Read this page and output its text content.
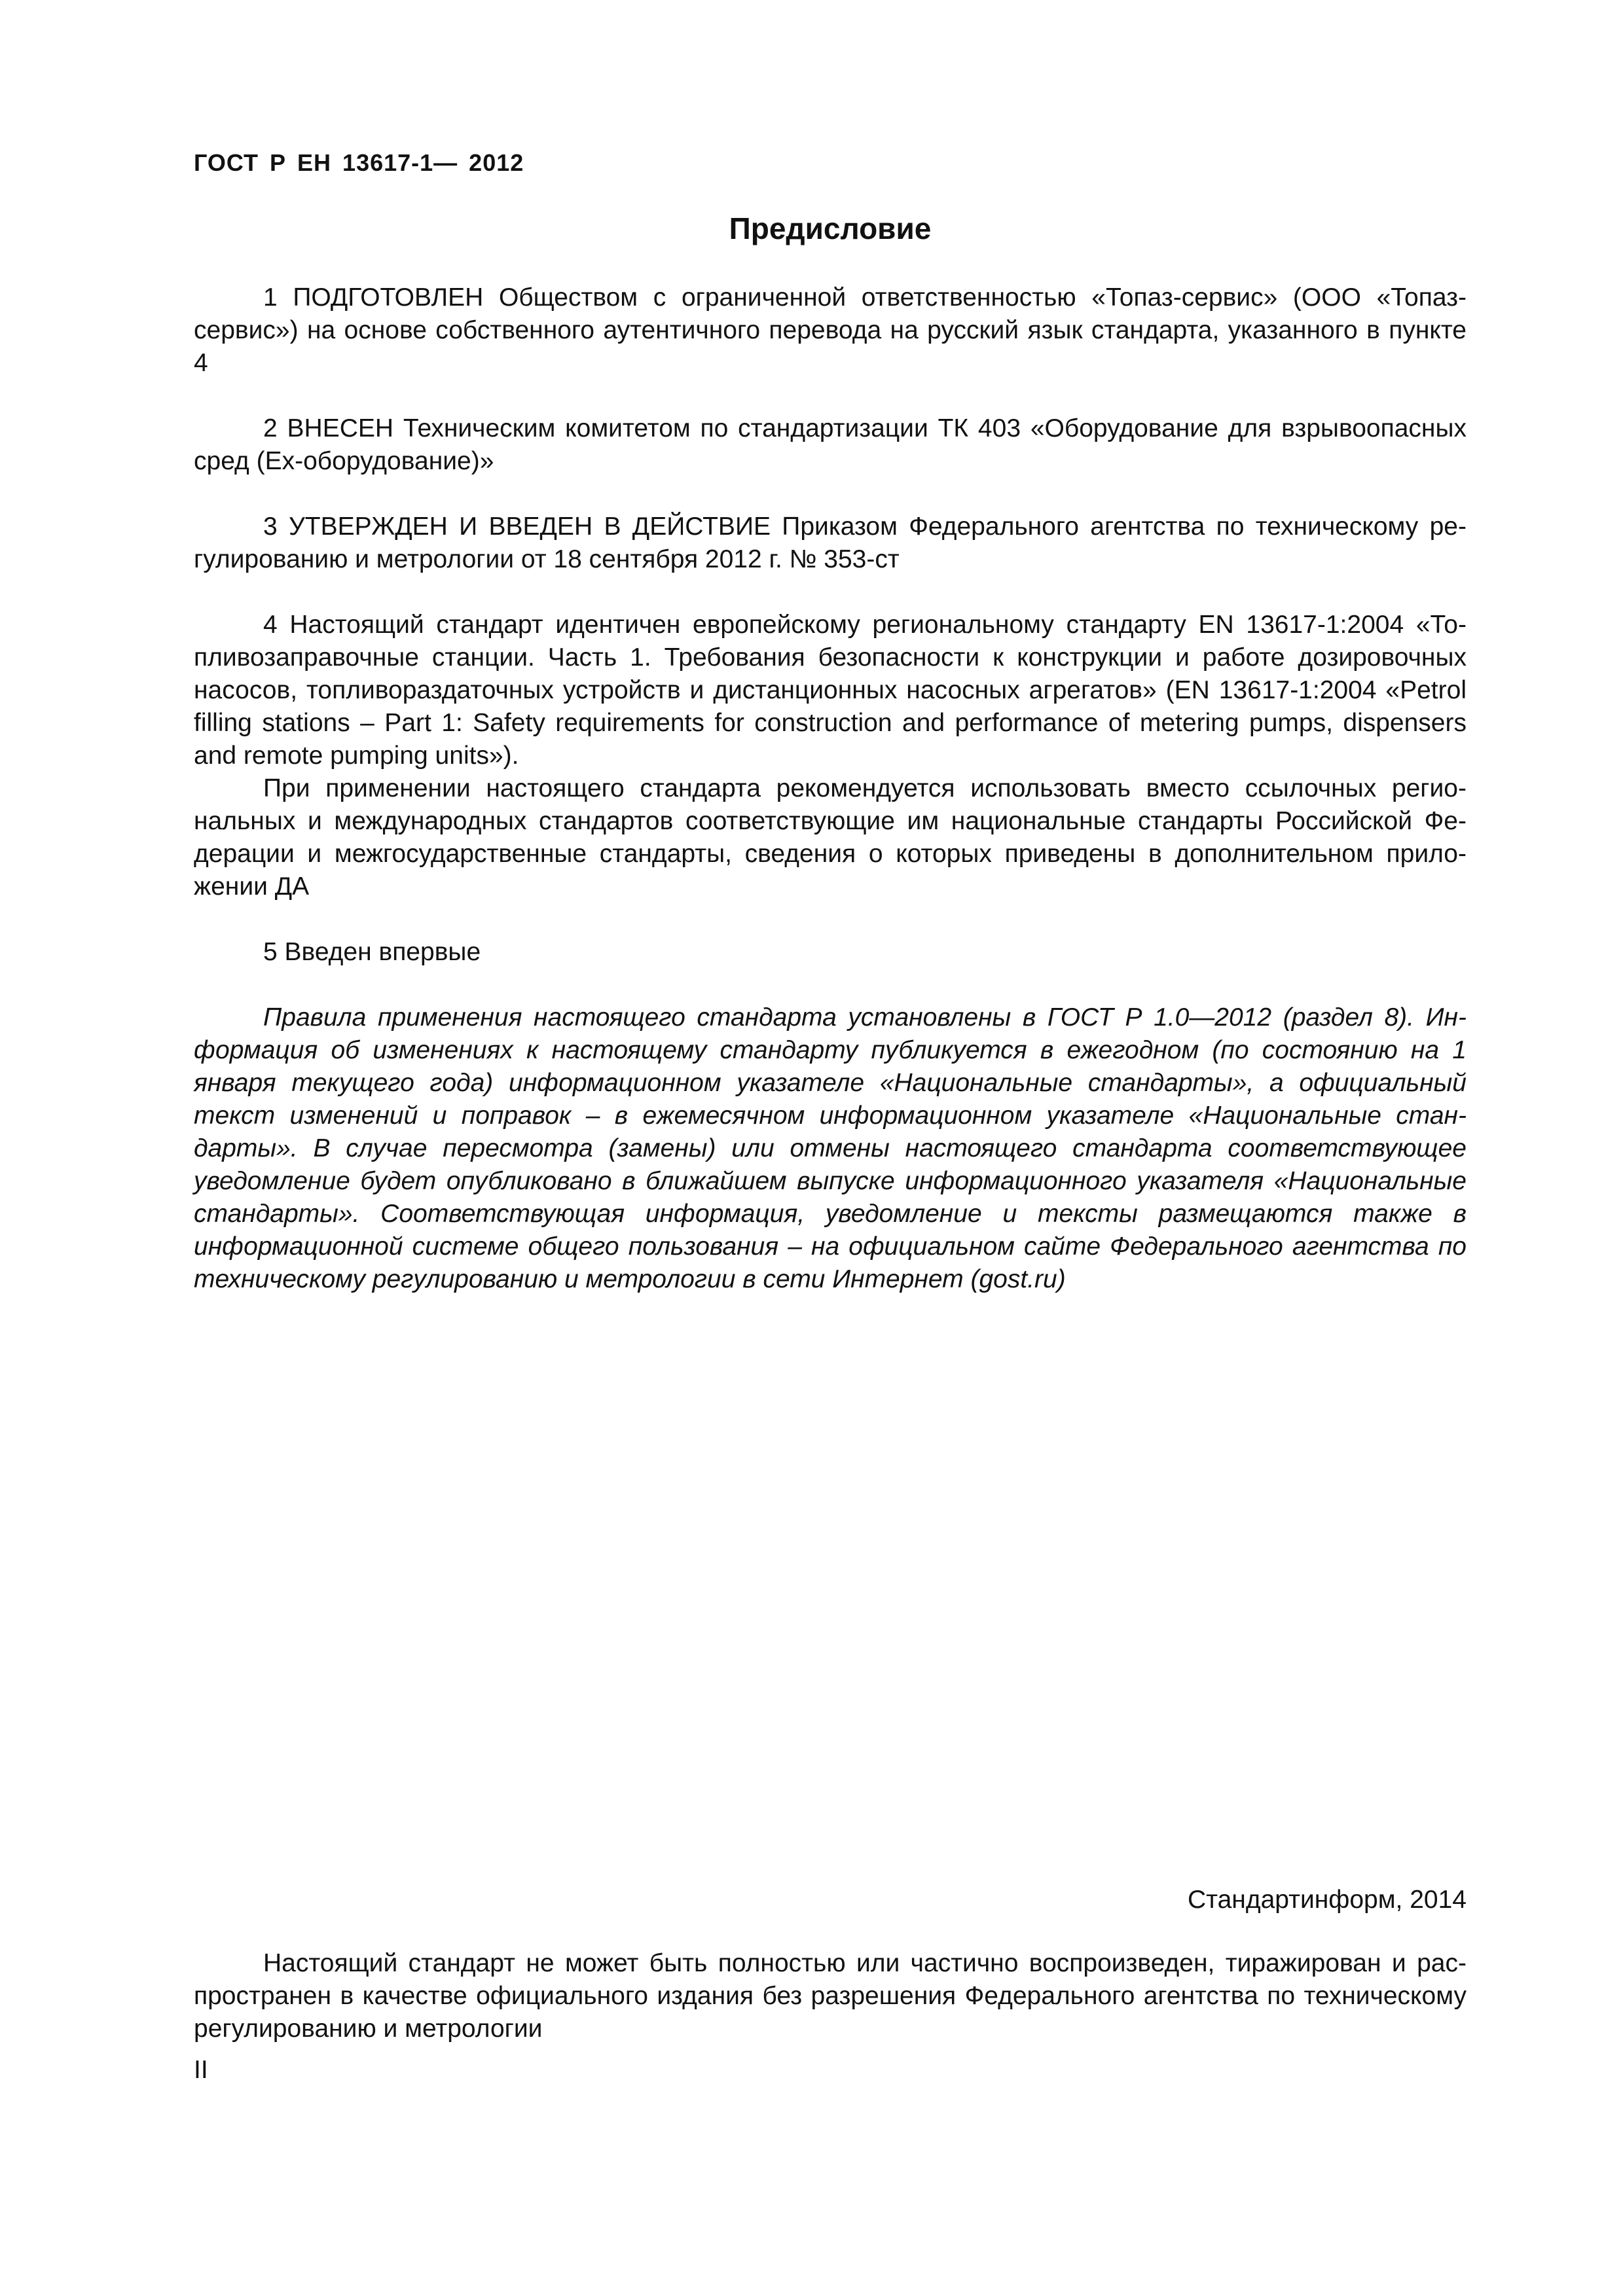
ГОСТ Р ЕН 13617-1— 2012
Предисловие

1 ПОДГОТОВЛЕН Обществом с ограниченной ответственностью «Топаз-сервис» (ООО «Топаз-сервис») на основе собственного аутентичного перевода на русский язык стандарта, указанного в пункте 4

2 ВНЕСЕН Техническим комитетом по стандартизации ТК 403 «Оборудование для взрывоопасных сред (Ех-оборудование)»

3 УТВЕРЖДЕН И ВВЕДЕН В ДЕЙСТВИЕ Приказом Федерального агентства по техническому регулированию и метрологии от 18 сентября 2012 г. № 353-ст

4 Настоящий стандарт идентичен европейскому региональному стандарту EN 13617-1:2004 «Топливозаправочные станции. Часть 1. Требования безопасности к конструкции и работе дозировочных насосов, топливораздаточных устройств и дистанционных насосных агрегатов» (EN 13617-1:2004 «Petrol filling stations – Part 1: Safety requirements for construction and performance of metering pumps, dispensers and remote pumping units»).

При применении настоящего стандарта рекомендуется использовать вместо ссылочных региональных и международных стандартов соответствующие им национальные стандарты Российской Федерации и межгосударственные стандарты, сведения о которых приведены в дополнительном приложении ДА

5 Введен впервые

Правила применения настоящего стандарта установлены в ГОСТ Р 1.0—2012 (раздел 8). Информация об изменениях к настоящему стандарту публикуется в ежегодном (по состоянию на 1 января текущего года) информационном указателе «Национальные стандарты», а официальный текст изменений и поправок – в ежемесячном информационном указателе «Национальные стандарты». В случае пересмотра (замены) или отмены настоящего стандарта соответствующее уведомление будет опубликовано в ближайшем выпуске информационного указателя «Национальные стандарты». Соответствующая информация, уведомление и тексты размещаются также в информационной системе общего пользования – на официальном сайте Федерального агентства по техническому регулированию и метрологии в сети Интернет (gost.ru)

Стандартинформ, 2014

Настоящий стандарт не может быть полностью или частично воспроизведен, тиражирован и распространен в качестве официального издания без разрешения Федерального агентства по техническому регулированию и метрологии

II
